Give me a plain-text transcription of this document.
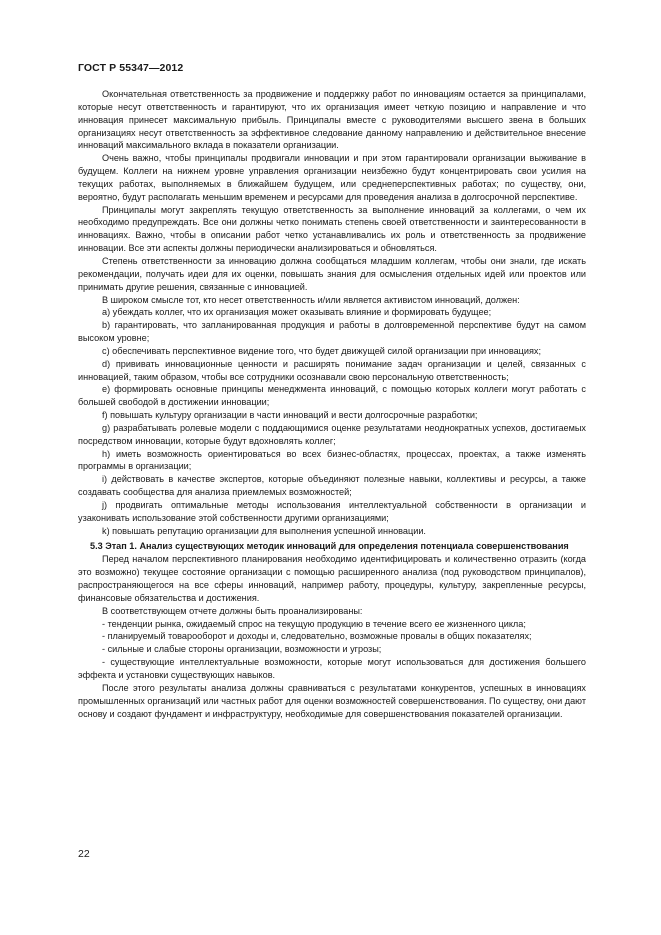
ГОСТ Р 55347—2012

Окончательная ответственность за продвижение и поддержку работ по инновациям остается за принципалами, которые несут ответственность и гарантируют, что их организация имеет четкую позицию и направление и что инновация принесет максимальную прибыль. Принципалы вместе с руководителями высшего звена в больших организациях несут ответственность за эффективное следование данному направлению и действительное внесение инноваций максимального вклада в показатели организации.

Очень важно, чтобы принципалы продвигали инновации и при этом гарантировали организации выживание в будущем. Коллеги на нижнем уровне управления организации неизбежно будут концентрировать свои усилия на текущих работах, выполняемых в ближайшем будущем, или среднеперспективных работах; по существу, они, вероятно, будут располагать меньшим временем и ресурсами для проведения анализа в долгосрочной перспективе.

Принципалы могут закреплять текущую ответственность за выполнение инноваций за коллегами, о чем их необходимо предупреждать. Все они должны четко понимать степень своей ответственности и заинтересованности в инновациях. Важно, чтобы в описании работ четко устанавливались их роль и ответственность за продвижение инновации. Все эти аспекты должны периодически анализироваться и обновляться.

Степень ответственности за инновацию должна сообщаться младшим коллегам, чтобы они знали, где искать рекомендации, получать идеи для их оценки, повышать знания для осмысления отдельных идей или проектов или принимать другие решения, связанные с инновацией.

В широком смысле тот, кто несет ответственность и/или является активистом инноваций, должен:

a) убеждать коллег, что их организация может оказывать влияние и формировать будущее;

b) гарантировать, что запланированная продукция и работы в долговременной перспективе будут на самом высоком уровне;

c) обеспечивать перспективное видение того, что будет движущей силой организации при инновациях;

d) прививать инновационные ценности и расширять понимание задач организации и целей, связанных с инновацией, таким образом, чтобы все сотрудники осознавали свою персональную ответственность;

e) формировать основные принципы менеджмента инноваций, с помощью которых коллеги могут работать с большей свободой в достижении инновации;

f) повышать культуру организации в части инноваций и вести долгосрочные разработки;

g) разрабатывать ролевые модели с поддающимися оценке результатами неоднократных успехов, достигаемых посредством инновации, которые будут вдохновлять коллег;

h) иметь возможность ориентироваться во всех бизнес-областях, процессах, проектах, а также изменять программы в организации;

i) действовать в качестве экспертов, которые объединяют полезные навыки, коллективы и ресурсы, а также создавать сообщества для анализа приемлемых возможностей;

j) продвигать оптимальные методы использования интеллектуальной собственности в организации и узаконивать использование этой собственности другими организациями;

k) повышать репутацию организации для выполнения успешной инновации.

5.3 Этап 1. Анализ существующих методик инноваций для определения потенциала совершенствования

Перед началом перспективного планирования необходимо идентифицировать и количественно отразить (когда это возможно) текущее состояние организации с помощью расширенного анализа (под руководством принципалов), распространяющегося на все сферы инноваций, например работу, процедуры, культуру, закрепленные ресурсы, финансовые обязательства и достижения.

В соответствующем отчете должны быть проанализированы:

- тенденции рынка, ожидаемый спрос на текущую продукцию в течение всего ее жизненного цикла;

- планируемый товарооборот и доходы и, следовательно, возможные провалы в общих показателях;

- сильные и слабые стороны организации, возможности и угрозы;

- существующие интеллектуальные возможности, которые могут использоваться для достижения большего эффекта и установки существующих навыков.

После этого результаты анализа должны сравниваться с результатами конкурентов, успешных в инновациях промышленных организаций или частных работ для оценки возможностей совершенствования. По существу, они дают основу и создают фундамент и инфраструктуру, необходимые для совершенствования показателей организации.

22
